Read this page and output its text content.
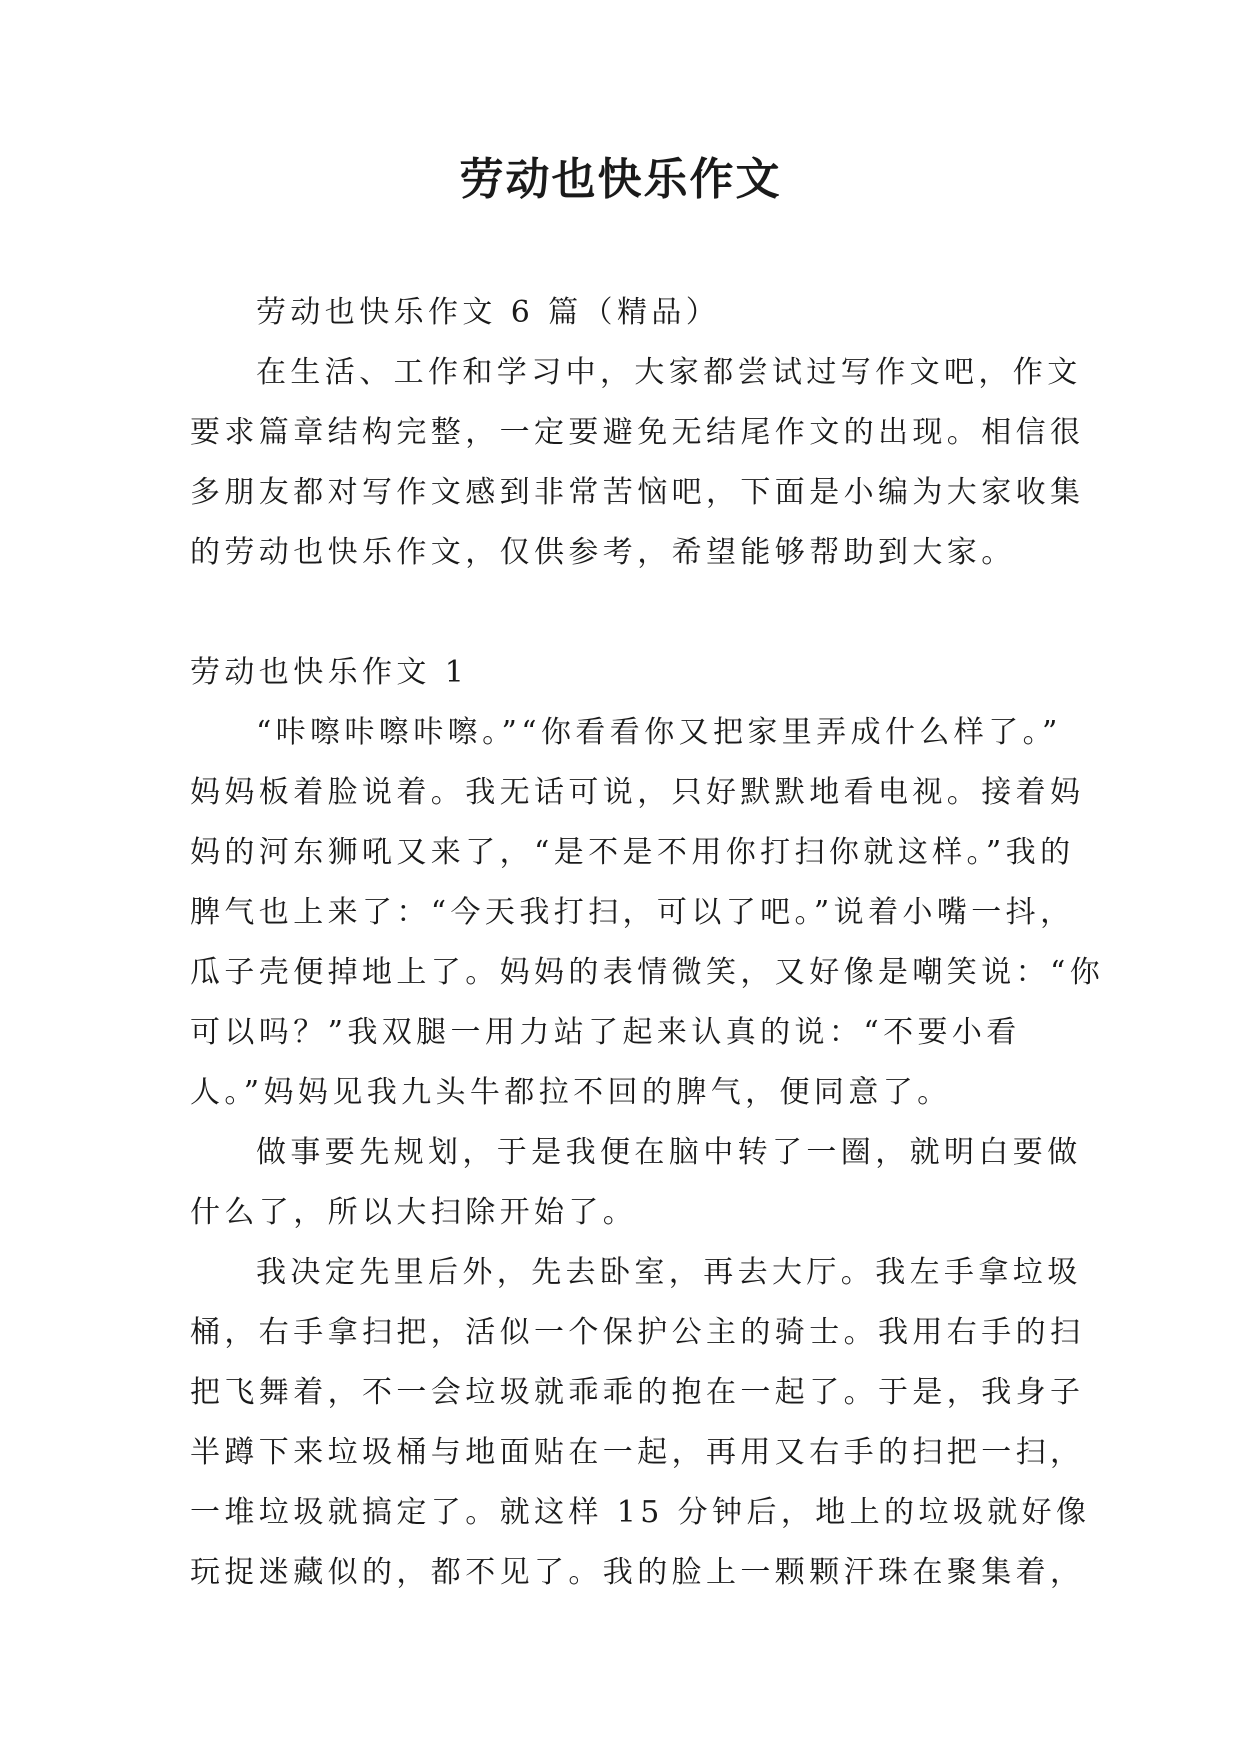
劳动也快乐作文
劳动也快乐作文 6 篇（精品）
在生活、工作和学习中，大家都尝试过写作文吧，作文
要求篇章结构完整，一定要避免无结尾作文的出现。相信很
多朋友都对写作文感到非常苦恼吧，下面是小编为大家收集
的劳动也快乐作文，仅供参考，希望能够帮助到大家。
劳动也快乐作文 1
“咔嚓咔嚓咔嚓。”“你看看你又把家里弄成什么样了。”
妈妈板着脸说着。我无话可说，只好默默地看电视。接着妈
妈的河东狮吼又来了，“是不是不用你打扫你就这样。”我的
脾气也上来了：“今天我打扫，可以了吧。”说着小嘴一抖，
瓜子壳便掉地上了。妈妈的表情微笑，又好像是嘲笑说：“你
可以吗？”我双腿一用力站了起来认真的说：“不要小看
人。”妈妈见我九头牛都拉不回的脾气，便同意了。
做事要先规划，于是我便在脑中转了一圈，就明白要做
什么了，所以大扫除开始了。
我决定先里后外，先去卧室，再去大厅。我左手拿垃圾
桶，右手拿扫把，活似一个保护公主的骑士。我用右手的扫
把飞舞着，不一会垃圾就乖乖的抱在一起了。于是，我身子
半蹲下来垃圾桶与地面贴在一起，再用又右手的扫把一扫，
一堆垃圾就搞定了。就这样 15 分钟后，地上的垃圾就好像
玩捉迷藏似的，都不见了。我的脸上一颗颗汗珠在聚集着，
